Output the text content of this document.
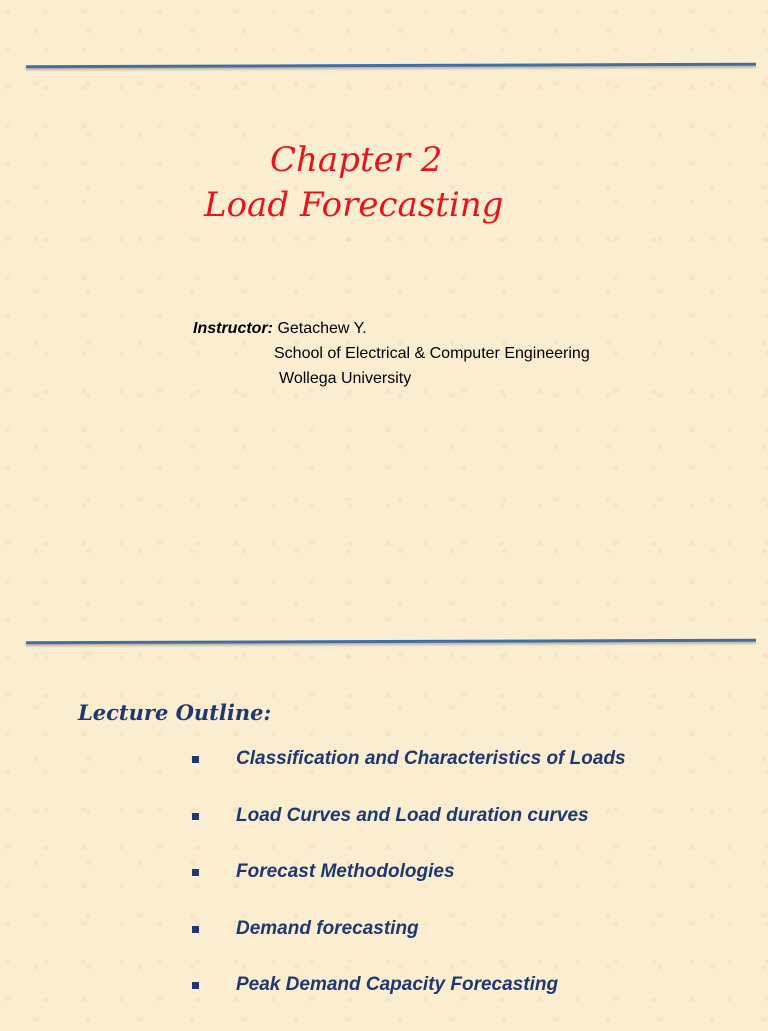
Chapter 2
Load Forecasting
Instructor: Getachew Y.
School of Electrical & Computer Engineering
Wollega University
Lecture Outline:
Classification and Characteristics of Loads
Load Curves and Load duration curves
Forecast Methodologies
Demand forecasting
Peak Demand Capacity Forecasting
